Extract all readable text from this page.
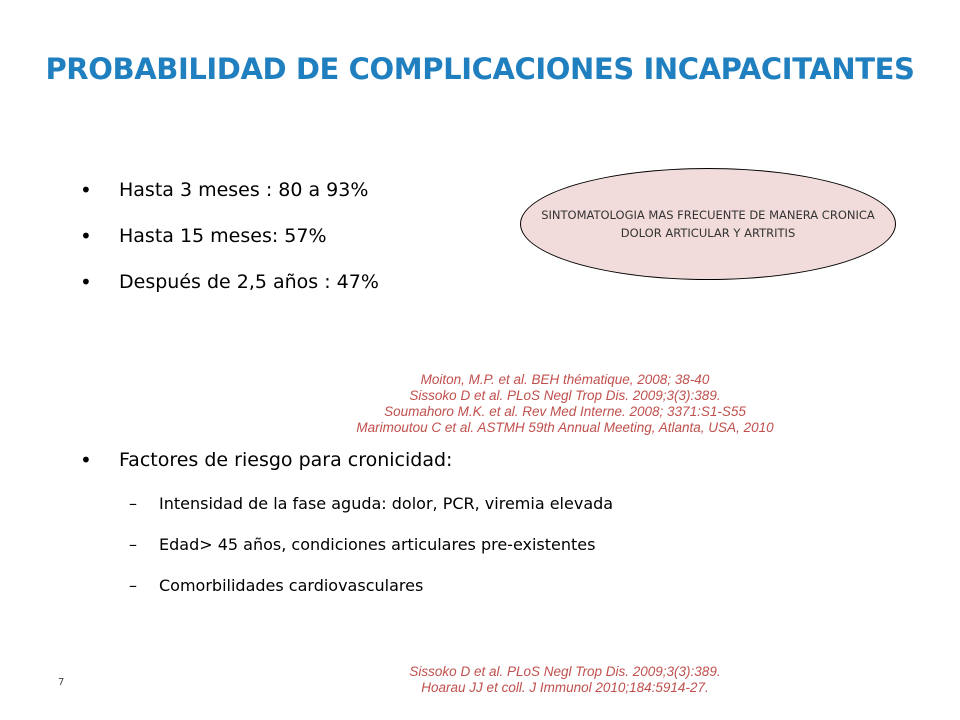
PROBABILIDAD DE COMPLICACIONES INCAPACITANTES
• Hasta 3 meses : 80 a 93%
• Hasta 15 meses: 57%
• Después de 2,5 años : 47%
SINTOMATOLOGIA MAS FRECUENTE DE MANERA CRONICA
DOLOR ARTICULAR Y ARTRITIS
Moiton, M.P. et al. BEH thématique, 2008; 38-40
Sissoko D et al. PLoS Negl Trop Dis. 2009;3(3):389.
Soumahoro M.K. et al. Rev Med Interne. 2008; 3371:S1-S55
Marimoutou C et al. ASTMH 59th Annual Meeting, Atlanta, USA, 2010
• Factores de riesgo para cronicidad:
– Intensidad de la fase aguda: dolor, PCR, viremia elevada
– Edad> 45 años, condiciones articulares pre-existentes
– Comorbilidades cardiovasculares
Sissoko D et al. PLoS Negl Trop Dis. 2009;3(3):389.
Hoarau JJ et coll. J Immunol 2010;184:5914-27.
7
